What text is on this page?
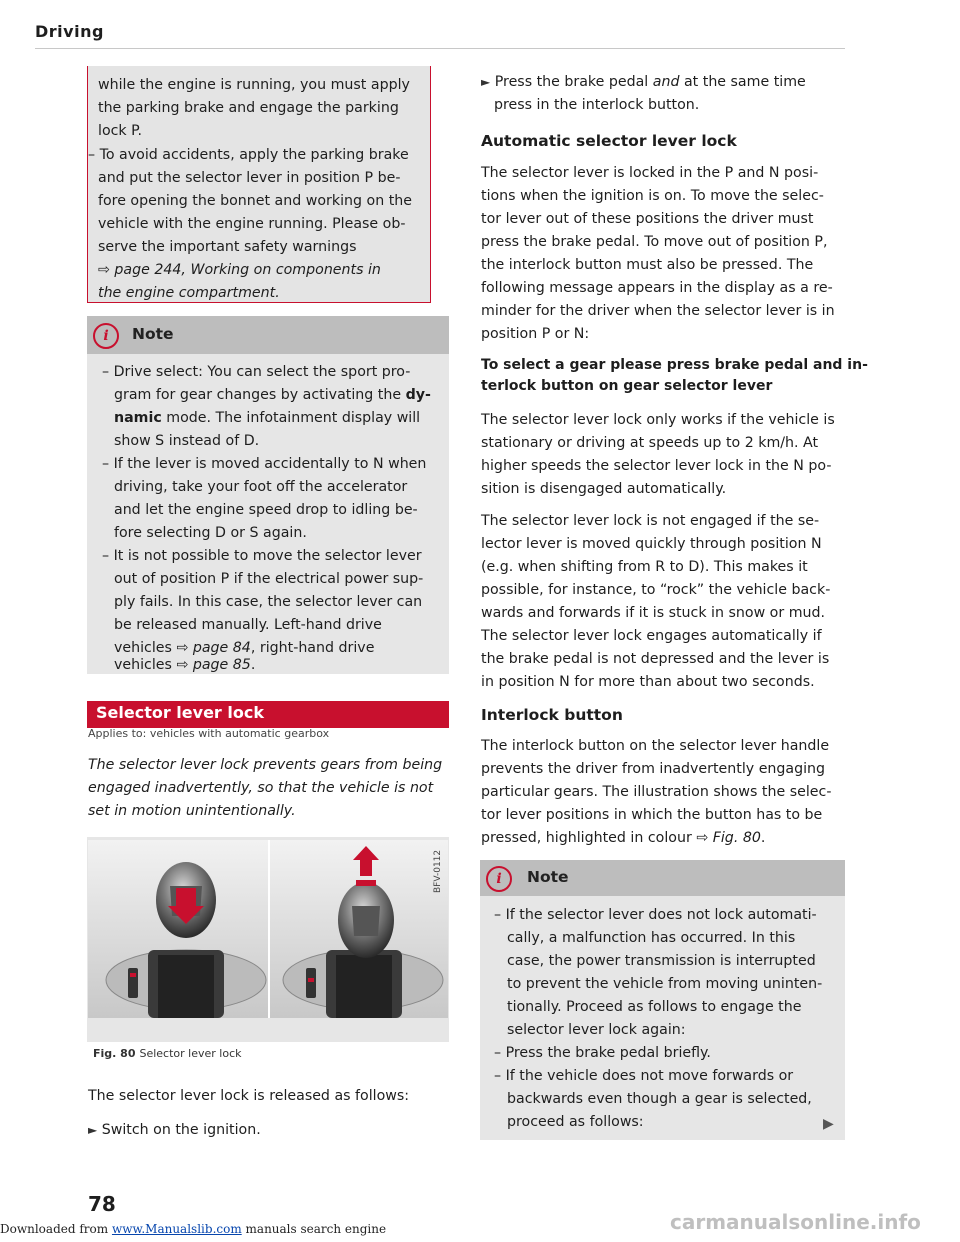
Driving
while the engine is running, you must apply
the parking brake and engage the parking
lock P.
– To avoid accidents, apply the parking brake
and put the selector lever in position P be-
fore opening the bonnet and working on the
vehicle with the engine running. Please ob-
serve the important safety warnings
⇨ page 244, Working on components in
the engine compartment.
i	Note
– Drive select: You can select the sport pro-
gram for gear changes by activating the dy-
namic mode. The infotainment display will
show S instead of D.
– If the lever is moved accidentally to N when
driving, take your foot off the accelerator
and let the engine speed drop to idling be-
fore selecting D or S again.
– It is not possible to move the selector lever
out of position P if the electrical power sup-
ply fails. In this case, the selector lever can
be released manually. Left-hand drive
vehicles ⇨ page 84, right-hand drive
Selector lever lock
Applies to: vehicles with automatic gearbox
The selector lever lock prevents gears from being
engaged inadvertently, so that the vehicle is not
set in motion unintentionally.
BFV-0112
Fig. 80 Selector lever lock
The selector lever lock is released as follows:
► Switch on the ignition.
► Press the brake pedal and at the same time
press in the interlock button.
Automatic selector lever lock
The selector lever is locked in the P and N posi-
tions when the ignition is on. To move the selec-
tor lever out of these positions the driver must
press the brake pedal. To move out of position P,
the interlock button must also be pressed. The
following message appears in the display as a re-
minder for the driver when the selector lever is in
position P or N:
To select a gear please press brake pedal and in-
terlock button on gear selector lever
The selector lever lock only works if the vehicle is
stationary or driving at speeds up to 2 km/h. At
higher speeds the selector lever lock in the N po-
sition is disengaged automatically.
The selector lever lock is not engaged if the se-
lector lever is moved quickly through position N
(e.g. when shifting from R to D). This makes it
possible, for instance, to “rock” the vehicle back-
wards and forwards if it is stuck in snow or mud.
The selector lever lock engages automatically if
the brake pedal is not depressed and the lever is
in position N for more than about two seconds.
Interlock button
The interlock button on the selector lever handle
prevents the driver from inadvertently engaging
particular gears. The illustration shows the selec-
tor lever positions in which the button has to be
pressed, highlighted in colour ⇨ Fig. 80.
i	Note
– If the selector lever does not lock automati-
cally, a malfunction has occurred. In this
case, the power transmission is interrupted
to prevent the vehicle from moving uninten-
tionally. Proceed as follows to engage the
selector lever lock again:
– Press the brake pedal briefly.
– If the vehicle does not move forwards or
backwards even though a gear is selected,
proceed as follows:	▶
78
Downloaded from www.Manualslib.com manuals search engine	carmanualsonline.info
vehicles ⇨ page 85.
